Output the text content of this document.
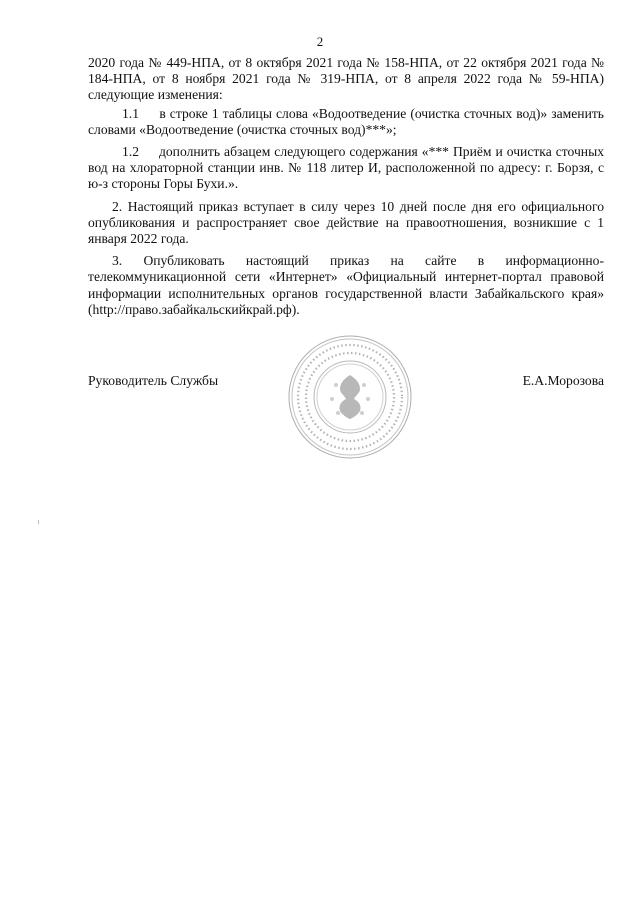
2

2020 года № 449-НПА, от 8 октября 2021 года № 158-НПА, от 22 октября 2021 года № 184-НПА, от 8 ноября 2021 года № 319-НПА, от 8 апреля 2022 года № 59-НПА) следующие изменения:

1.1     в строке 1 таблицы слова «Водоотведение (очистка сточных вод)» заменить словами «Водоотведение (очистка сточных вод)***»;

1.2     дополнить абзацем следующего содержания «*** Приём и очистка сточных вод на хлораторной станции инв. № 118 литер И, расположенной по адресу: г. Борзя, с ю-з стороны Горы Бухи.».

2. Настоящий приказ вступает в силу через 10 дней после дня его официального опубликования и распространяет свое действие на правоотношения, возникшие с 1 января 2022 года.

3. Опубликовать настоящий приказ на сайте в информационно-телекоммуникационной сети «Интернет» «Официальный интернет-портал правовой информации исполнительных органов государственной власти Забайкальского края» (http://право.забайкальскийкрай.рф).

Руководитель Службы	Е.А.Морозова
